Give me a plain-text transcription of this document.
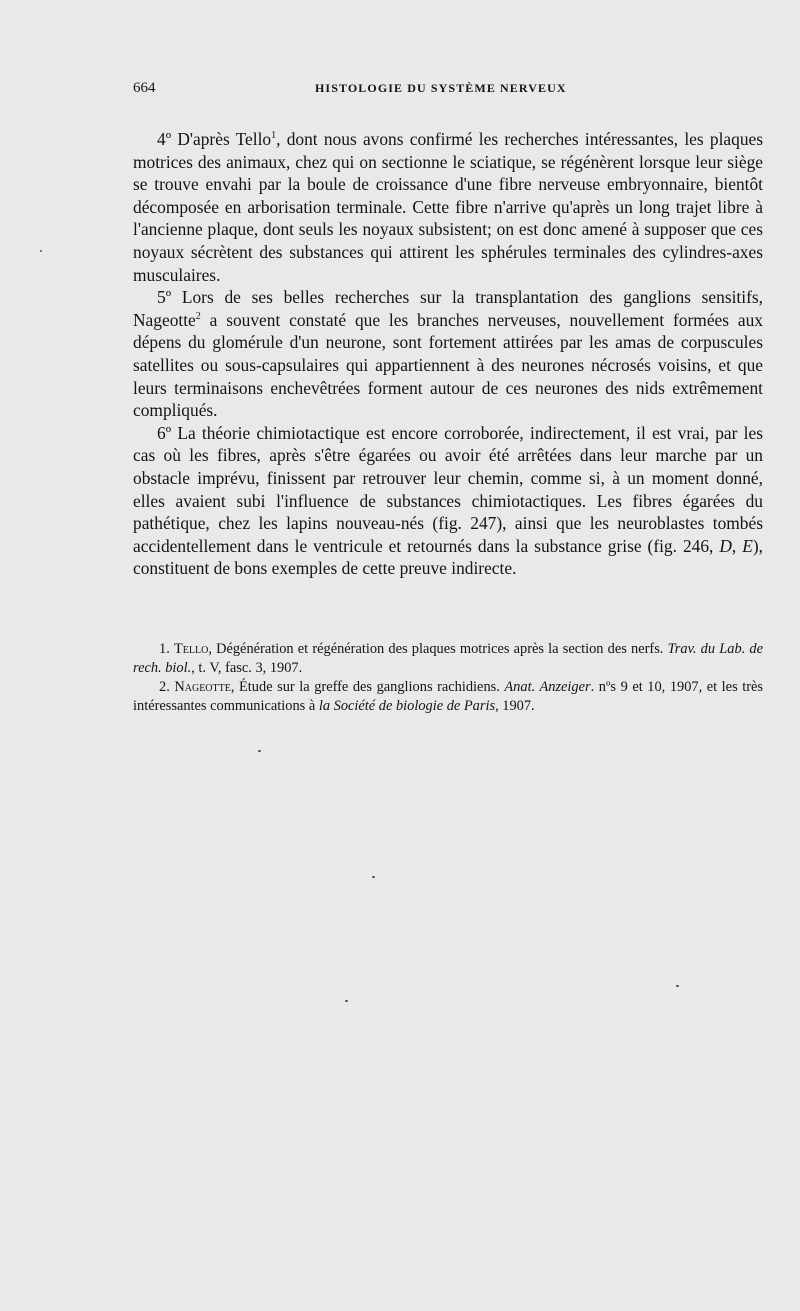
664	HISTOLOGIE DU SYSTÈME NERVEUX

4º D'après Tello$^1$, dont nous avons confirmé les recherches intéressantes, les plaques motrices des animaux, chez qui on sectionne le sciatique, se régénèrent lorsque leur siège se trouve envahi par la boule de croissance d'une fibre nerveuse embryonnaire, bientôt décomposée en arborisation terminale. Cette fibre n'arrive qu'après un long trajet libre à l'ancienne plaque, dont seuls les noyaux subsistent; on est donc amené à supposer que ces noyaux sécrètent des substances qui attirent les sphérules terminales des cylindres-axes musculaires.

5º Lors de ses belles recherches sur la transplantation des ganglions sensitifs, Nageotte$^2$ a souvent constaté que les branches nerveuses, nouvellement formées aux dépens du glomérule d'un neurone, sont fortement attirées par les amas de corpuscules satellites ou sous-capsulaires qui appartiennent à des neurones nécrosés voisins, et que leurs terminaisons enchevêtrées forment autour de ces neurones des nids extrêmement compliqués.

6º La théorie chimiotactique est encore corroborée, indirectement, il est vrai, par les cas où les fibres, après s'être égarées ou avoir été arrêtées dans leur marche par un obstacle imprévu, finissent par retrouver leur chemin, comme si, à un moment donné, elles avaient subi l'influence de substances chimiotactiques. Les fibres égarées du pathétique, chez les lapins nouveau-nés (fig. 247), ainsi que les neuroblastes tombés accidentellement dans le ventricule et retournés dans la substance grise (fig. 246, D, E), constituent de bons exemples de cette preuve indirecte.

1. Tello, Dégénération et régénération des plaques motrices après la section des nerfs. Trav. du Lab. de rech. biol., t. V, fasc. 3, 1907.

2. Nageotte, Étude sur la greffe des ganglions rachidiens. Anat. Anzeiger. nºs 9 et 10, 1907, et les très intéressantes communications à la Société de biologie de Paris, 1907.
